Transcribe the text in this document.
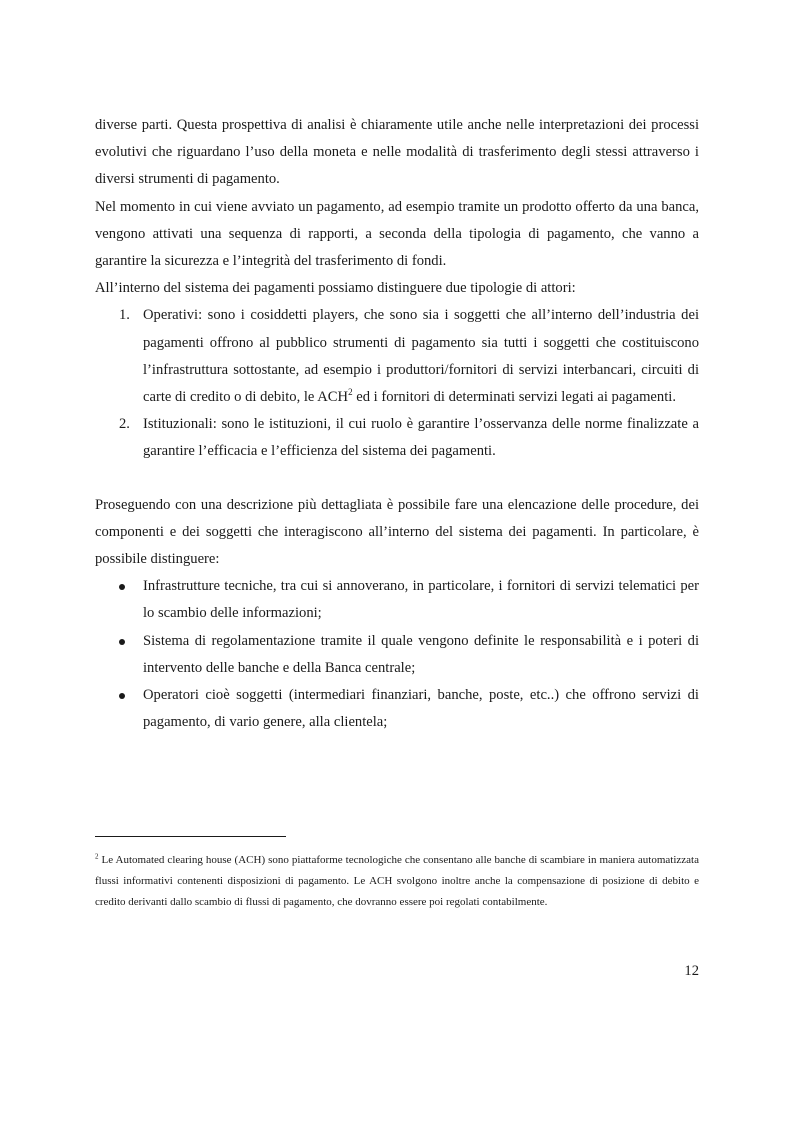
diverse parti. Questa prospettiva di analisi è chiaramente utile anche nelle interpretazioni dei processi evolutivi che riguardano l’uso della moneta e nelle modalità di trasferimento degli stessi attraverso i diversi strumenti di pagamento.

Nel momento in cui viene avviato un pagamento, ad esempio tramite un prodotto offerto da una banca, vengono attivati una sequenza di rapporti, a seconda della tipologia di pagamento, che vanno a garantire la sicurezza e l’integrità del trasferimento di fondi.

All’interno del sistema dei pagamenti possiamo distinguere due tipologie di attori:

1. Operativi: sono i cosiddetti players, che sono sia i soggetti che all’interno dell’industria dei pagamenti offrono al pubblico strumenti di pagamento sia tutti i soggetti che costituiscono l’infrastruttura sottostante, ad esempio i produttori/fornitori di servizi interbancari, circuiti di carte di credito o di debito, le ACH$^2$ ed i fornitori di determinati servizi legati ai pagamenti.
2. Istituzionali: sono le istituzioni, il cui ruolo è garantire l’osservanza delle norme finalizzate a garantire l’efficacia e l’efficienza del sistema dei pagamenti.

Proseguendo con una descrizione più dettagliata è possibile fare una elencazione delle procedure, dei componenti e dei soggetti che interagiscono all’interno del sistema dei pagamenti. In particolare, è possibile distinguere:

Infrastrutture tecniche, tra cui si annoverano, in particolare, i fornitori di servizi telematici per lo scambio delle informazioni;
Sistema di regolamentazione tramite il quale vengono definite le responsabilità e i poteri di intervento delle banche e della Banca centrale;
Operatori cioè soggetti (intermediari finanziari, banche, poste, etc..) che offrono servizi di pagamento, di vario genere, alla clientela;

$^2$ Le Automated clearing house (ACH) sono piattaforme tecnologiche che consentano alle banche di scambiare in maniera automatizzata flussi informativi contenenti disposizioni di pagamento. Le ACH svolgono inoltre anche la compensazione di posizione di debito e credito derivanti dallo scambio di flussi di pagamento, che dovranno essere poi regolati contabilmente.

12
